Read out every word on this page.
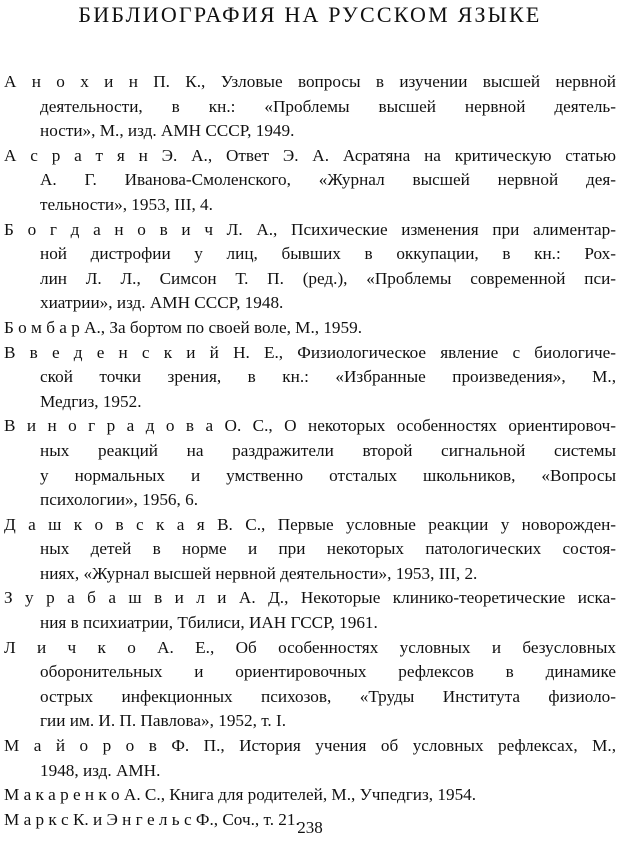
БИБЛИОГРАФИЯ НА РУССКОМ ЯЗЫКЕ
А н о х и н П. К., Узловые вопросы в изучении высшей нервной
деятельности, в кн.: «Проблемы высшей нервной деятель-
ности», М., изд. АМН СССР, 1949.
А с р а т я н Э. А., Ответ Э. А. Асратяна на критическую статью
А. Г. Иванова-Смоленского, «Журнал высшей нервной дея-
тельности», 1953, III, 4.
Б о г д а н о в и ч Л. А., Психические изменения при алиментар-
ной дистрофии у лиц, бывших в оккупации, в кн.: Рох-
лин Л. Л., Симсон Т. П. (ред.), «Проблемы современной пси-
хиатрии», изд. АМН СССР, 1948.
Б о м б а р А., За бортом по своей воле, М., 1959.
В в е д е н с к и й Н. Е., Физиологическое явление с биологиче-
ской точки зрения, в кн.: «Избранные произведения», М.,
Медгиз, 1952.
В и н о г р а д о в а О. С., О некоторых особенностях ориентировоч-
ных реакций на раздражители второй сигнальной системы
у нормальных и умственно отсталых школьников, «Вопросы
психологии», 1956, 6.
Д а ш к о в с к а я В. С., Первые условные реакции у новорожден-
ных детей в норме и при некоторых патологических состоя-
ниях, «Журнал высшей нервной деятельности», 1953, III, 2.
З у р а б а ш в и л и А. Д., Некоторые клинико-теоретические иска-
ния в психиатрии, Тбилиси, ИАН ГССР, 1961.
Л и ч к о А. Е., Об особенностях условных и безусловных
оборонительных и ориентировочных рефлексов в динамике
острых инфекционных психозов, «Труды Института физиоло-
гии им. И. П. Павлова», 1952, т. I.
М а й о р о в Ф. П., История учения об условных рефлексах, М.,
1948, изд. АМН.
М а к а р е н к о А. С., Книга для родителей, М., Учпедгиз, 1954.
М а р к с К. и Э н г е л ь с Ф., Соч., т. 21.
238
